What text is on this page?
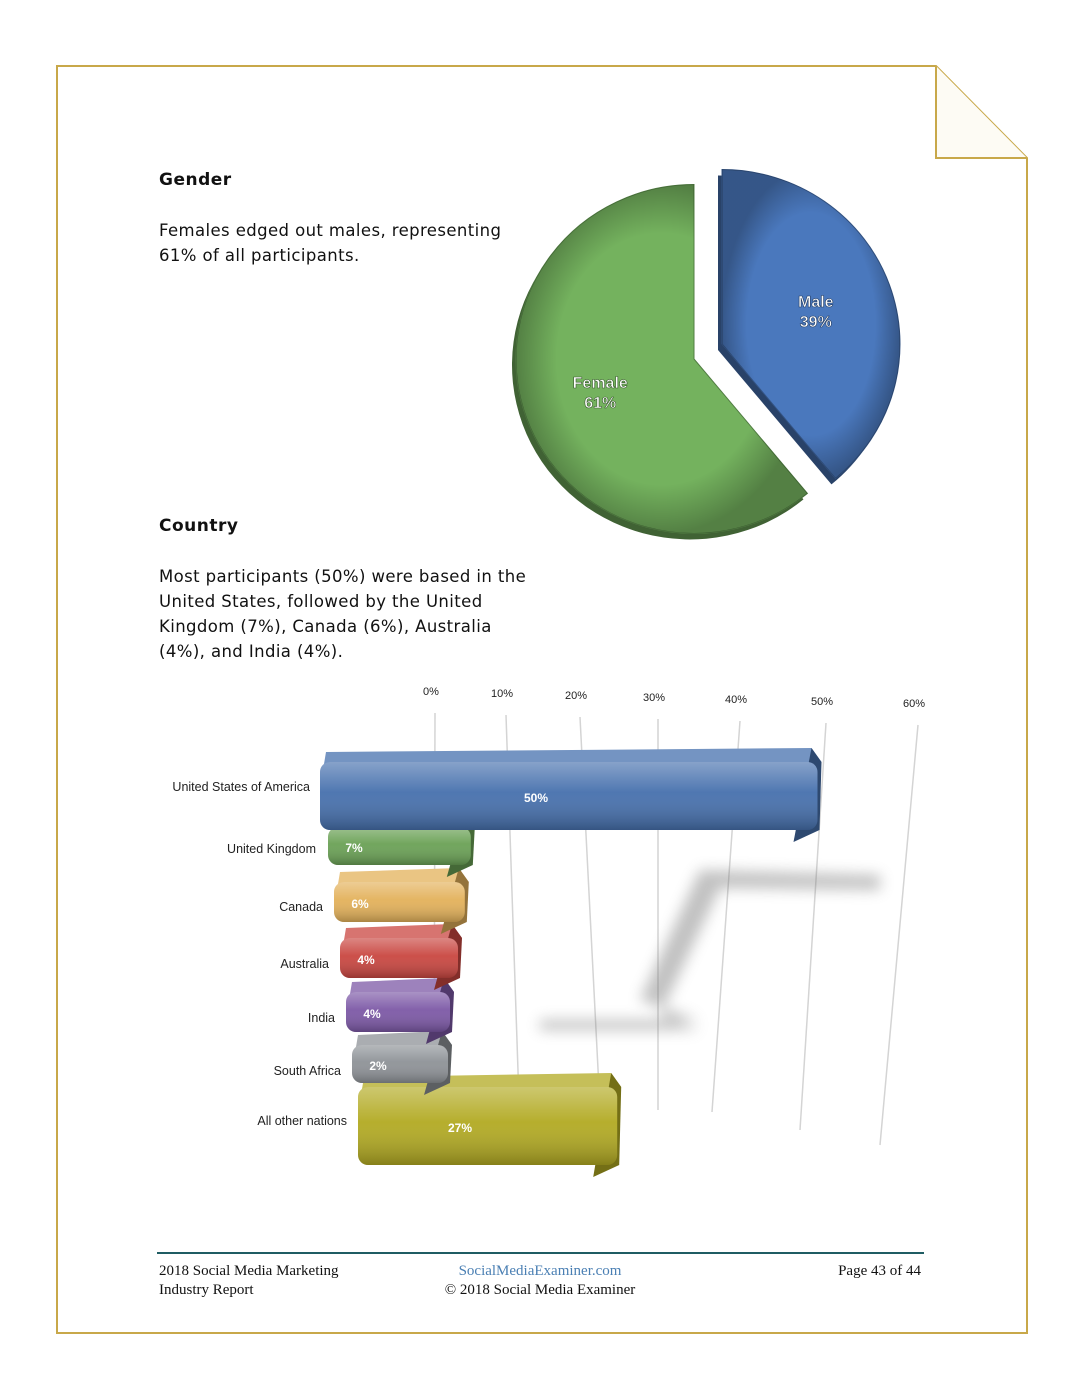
Gender
Females edged out males, representing
61% of all participants.
Country
Most participants (50%) were based in the
United States, followed by the United
Kingdom (7%), Canada (6%), Australia
(4%), and India (4%).
Male
39%
Female
61%
0%	10%	20%	30%	40%	50%	60%
27%
2%
4%
4%
6%
7%
50%
United States of America
United Kingdom
Canada
Australia
India
South Africa
All other nations
2018 Social Media Marketing
Industry Report
SocialMediaExaminer.com
© 2018 Social Media Examiner
Page 43 of 44
